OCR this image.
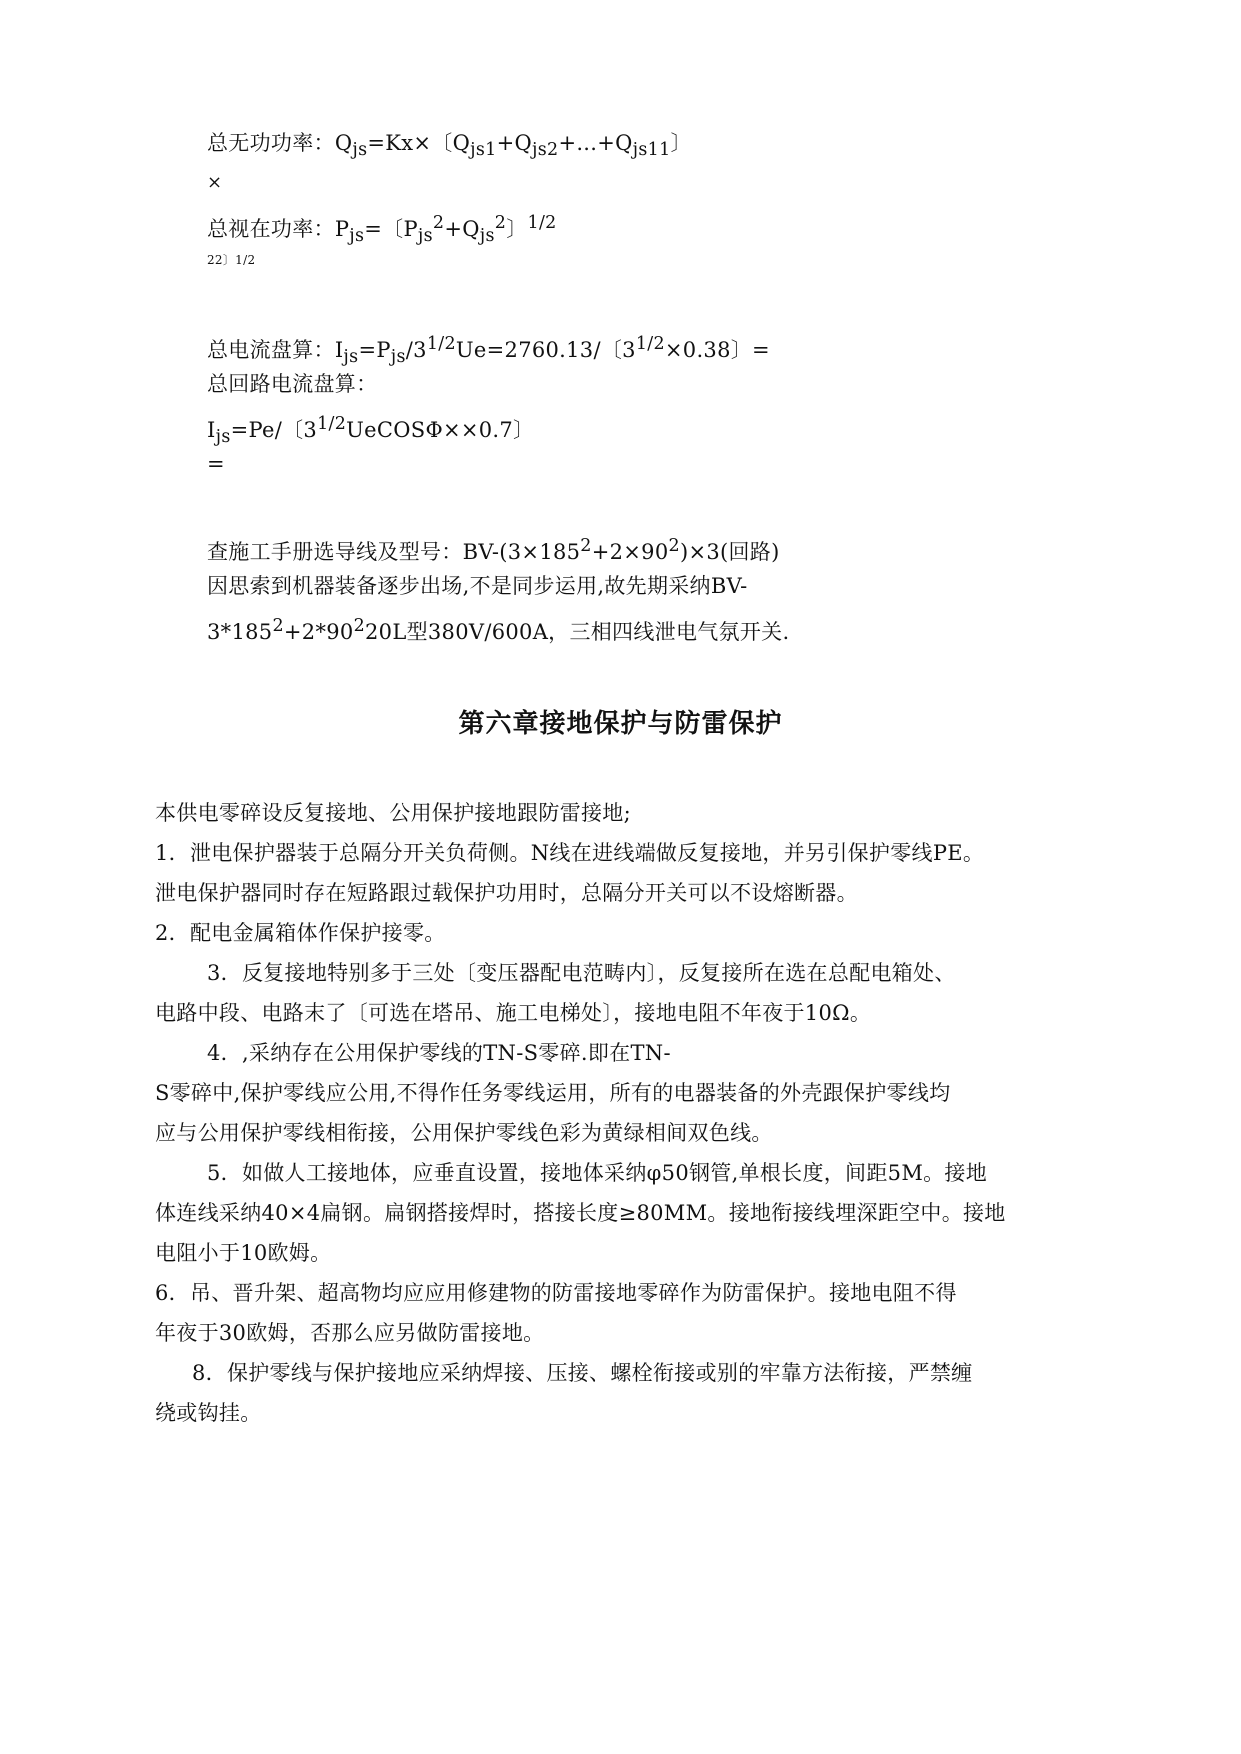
总无功功率：$Q_{js}=Kx\times$〔$Q_{js1}+Q_{js2}+...+Q_{js11}$〕
×
总视在功率：$P_{js}=$〔$P_{js}^2+Q_{js}^2$〕$^{1/2}$
22〕1/2
总电流盘算：$I_{js}=P_{js}/3^{1/2}Ue=2760.13/$〔$3^{1/2}\times 0.38$〕=
总回路电流盘算：
$I_{js}=Pe/$〔$3^{1/2}UeCOS\Phi\times\times 0.7$〕
=
查施工手册选导线及型号：$BV-(3\times 185^2+2\times 90^2)\times 3$(回路)
因思索到机器装备逐步出场,不是同步运用,故先期采纳BV-
$3*185^2+2*90^220L$型380V/600A，三相四线泄电气氛开关.
第六章接地保护与防雷保护
本供电零碎设反复接地、公用保护接地跟防雷接地;
1．泄电保护器装于总隔分开关负荷侧。N线在进线端做反复接地，并另引保护零线PE。
泄电保护器同时存在短路跟过载保护功用时，总隔分开关可以不设熔断器。
2．配电金属箱体作保护接零。
3．反复接地特别多于三处〔变压器配电范畴内〕，反复接所在选在总配电箱处、
电路中段、电路末了〔可选在塔吊、施工电梯处〕，接地电阻不年夜于10Ω。
4．,采纳存在公用保护零线的TN-S零碎.即在TN-
S零碎中,保护零线应公用,不得作任务零线运用，所有的电器装备的外壳跟保护零线均
应与公用保护零线相衔接，公用保护零线色彩为黄绿相间双色线。
5．如做人工接地体，应垂直设置，接地体采纳φ50钢管,单根长度，间距5M。接地
体连线采纳40×4扁钢。扁钢搭接焊时，搭接长度≥80MM。接地衔接线埋深距空中。接地
电阻小于10欧姆。
6．吊、晋升架、超高物均应应用修建物的防雷接地零碎作为防雷保护。接地电阻不得
年夜于30欧姆，否那么应另做防雷接地。
8．保护零线与保护接地应采纳焊接、压接、螺栓衔接或别的牢靠方法衔接，严禁缠
绕或钩挂。
